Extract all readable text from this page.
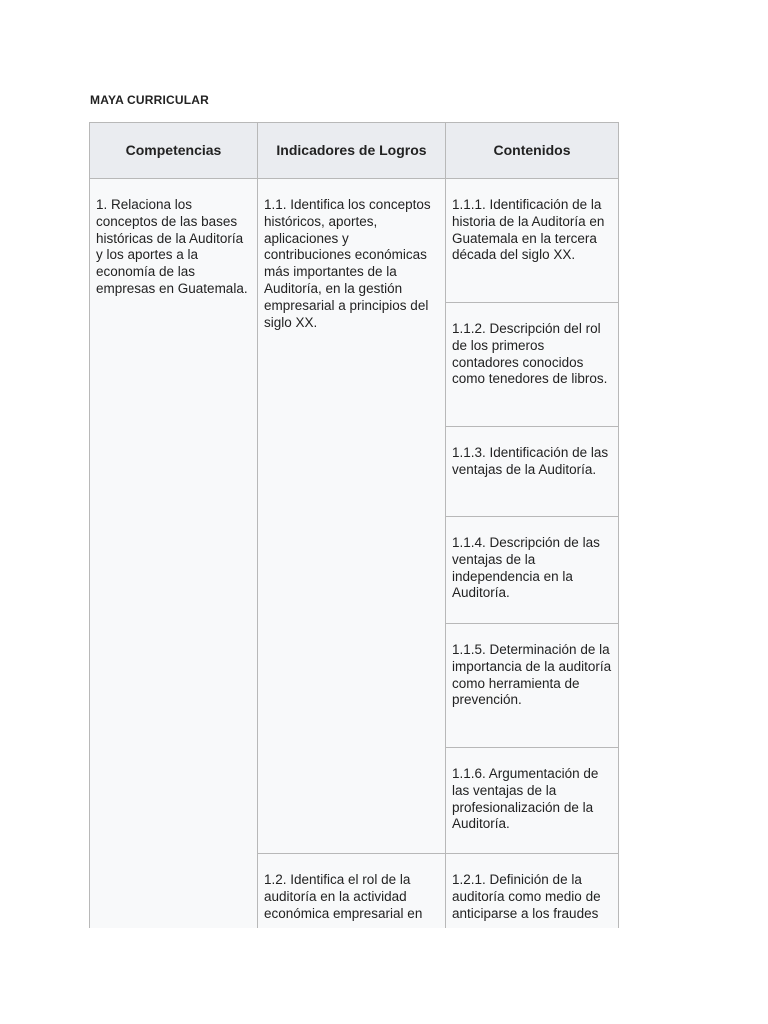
MAYA CURRICULAR
Competencias	Indicadores de Logros	Contenidos
1. Relaciona los conceptos de las bases históricas de la Auditoría y los aportes a la economía de las empresas en Guatemala.
1.1. Identifica los conceptos históricos, aportes, aplicaciones y contribuciones económicas más importantes de la Auditoría, en la gestión empresarial a principios del siglo XX.
1.2. Identifica el rol de la auditoría en la actividad económica empresarial en
1.1.1. Identificación de la historia de la Auditoría en Guatemala en la tercera década del siglo XX.
1.1.2. Descripción del rol de los primeros contadores conocidos como tenedores de libros.
1.1.3. Identificación de las ventajas de la Auditoría.
1.1.4. Descripción de las ventajas de la independencia en la Auditoría.
1.1.5. Determinación de la importancia de la auditoría como herramienta de prevención.
1.1.6. Argumentación de las ventajas de la profesionalización de la Auditoría.
1.2.1. Definición de la auditoría como medio de anticiparse a los fraudes
